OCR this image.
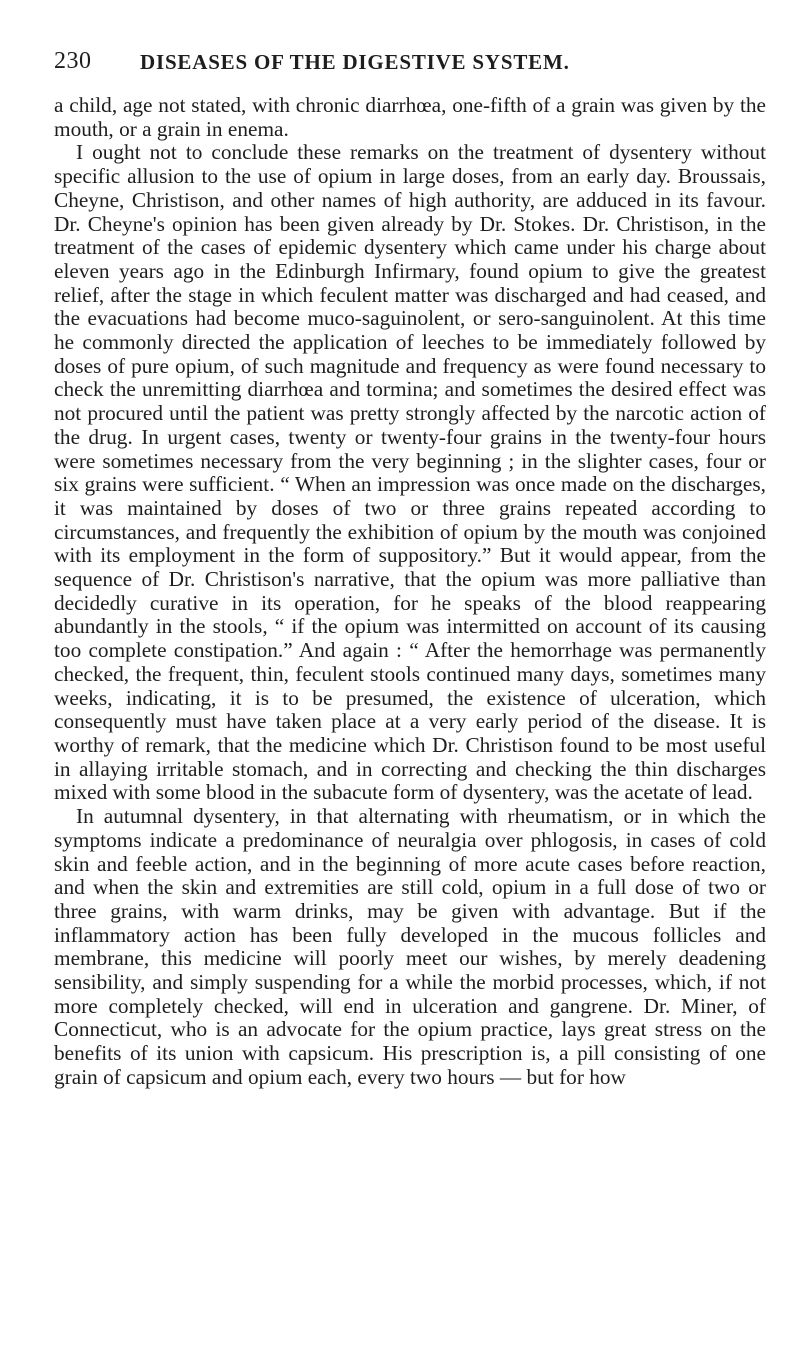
230 DISEASES OF THE DIGESTIVE SYSTEM.

a child, age not stated, with chronic diarrhœa, one-fifth of a grain was given by the mouth, or a grain in enema.

I ought not to conclude these remarks on the treatment of dysentery without specific allusion to the use of opium in large doses, from an early day. Broussais, Cheyne, Christison, and other names of high authority, are adduced in its favour. Dr. Cheyne's opinion has been given already by Dr. Stokes. Dr. Christison, in the treatment of the cases of epidemic dysentery which came under his charge about eleven years ago in the Edinburgh Infirmary, found opium to give the greatest relief, after the stage in which feculent matter was discharged and had ceased, and the evacuations had become muco-saguinolent, or sero-sanguinolent. At this time he commonly directed the application of leeches to be immediately followed by doses of pure opium, of such magnitude and frequency as were found necessary to check the unremitting diarrhœa and tormina; and sometimes the desired effect was not procured until the patient was pretty strongly affected by the narcotic action of the drug. In urgent cases, twenty or twenty-four grains in the twenty-four hours were sometimes necessary from the very beginning ; in the slighter cases, four or six grains were sufficient. “ When an impression was once made on the discharges, it was maintained by doses of two or three grains repeated according to circumstances, and frequently the exhibition of opium by the mouth was conjoined with its employment in the form of suppository.” But it would appear, from the sequence of Dr. Christison's narrative, that the opium was more palliative than decidedly curative in its operation, for he speaks of the blood reappearing abundantly in the stools, “ if the opium was intermitted on account of its causing too complete constipation.” And again : “ After the hemorrhage was permanently checked, the frequent, thin, feculent stools continued many days, sometimes many weeks, indicating, it is to be presumed, the existence of ulceration, which consequently must have taken place at a very early period of the disease. It is worthy of remark, that the medicine which Dr. Christison found to be most useful in allaying irritable stomach, and in correcting and checking the thin discharges mixed with some blood in the subacute form of dysentery, was the acetate of lead.

In autumnal dysentery, in that alternating with rheumatism, or in which the symptoms indicate a predominance of neuralgia over phlogosis, in cases of cold skin and feeble action, and in the beginning of more acute cases before reaction, and when the skin and extremities are still cold, opium in a full dose of two or three grains, with warm drinks, may be given with advantage. But if the inflammatory action has been fully developed in the mucous follicles and membrane, this medicine will poorly meet our wishes, by merely deadening sensibility, and simply suspending for a while the morbid processes, which, if not more completely checked, will end in ulceration and gangrene. Dr. Miner, of Connecticut, who is an advocate for the opium practice, lays great stress on the benefits of its union with capsicum. His prescription is, a pill consisting of one grain of capsicum and opium each, every two hours — but for how
